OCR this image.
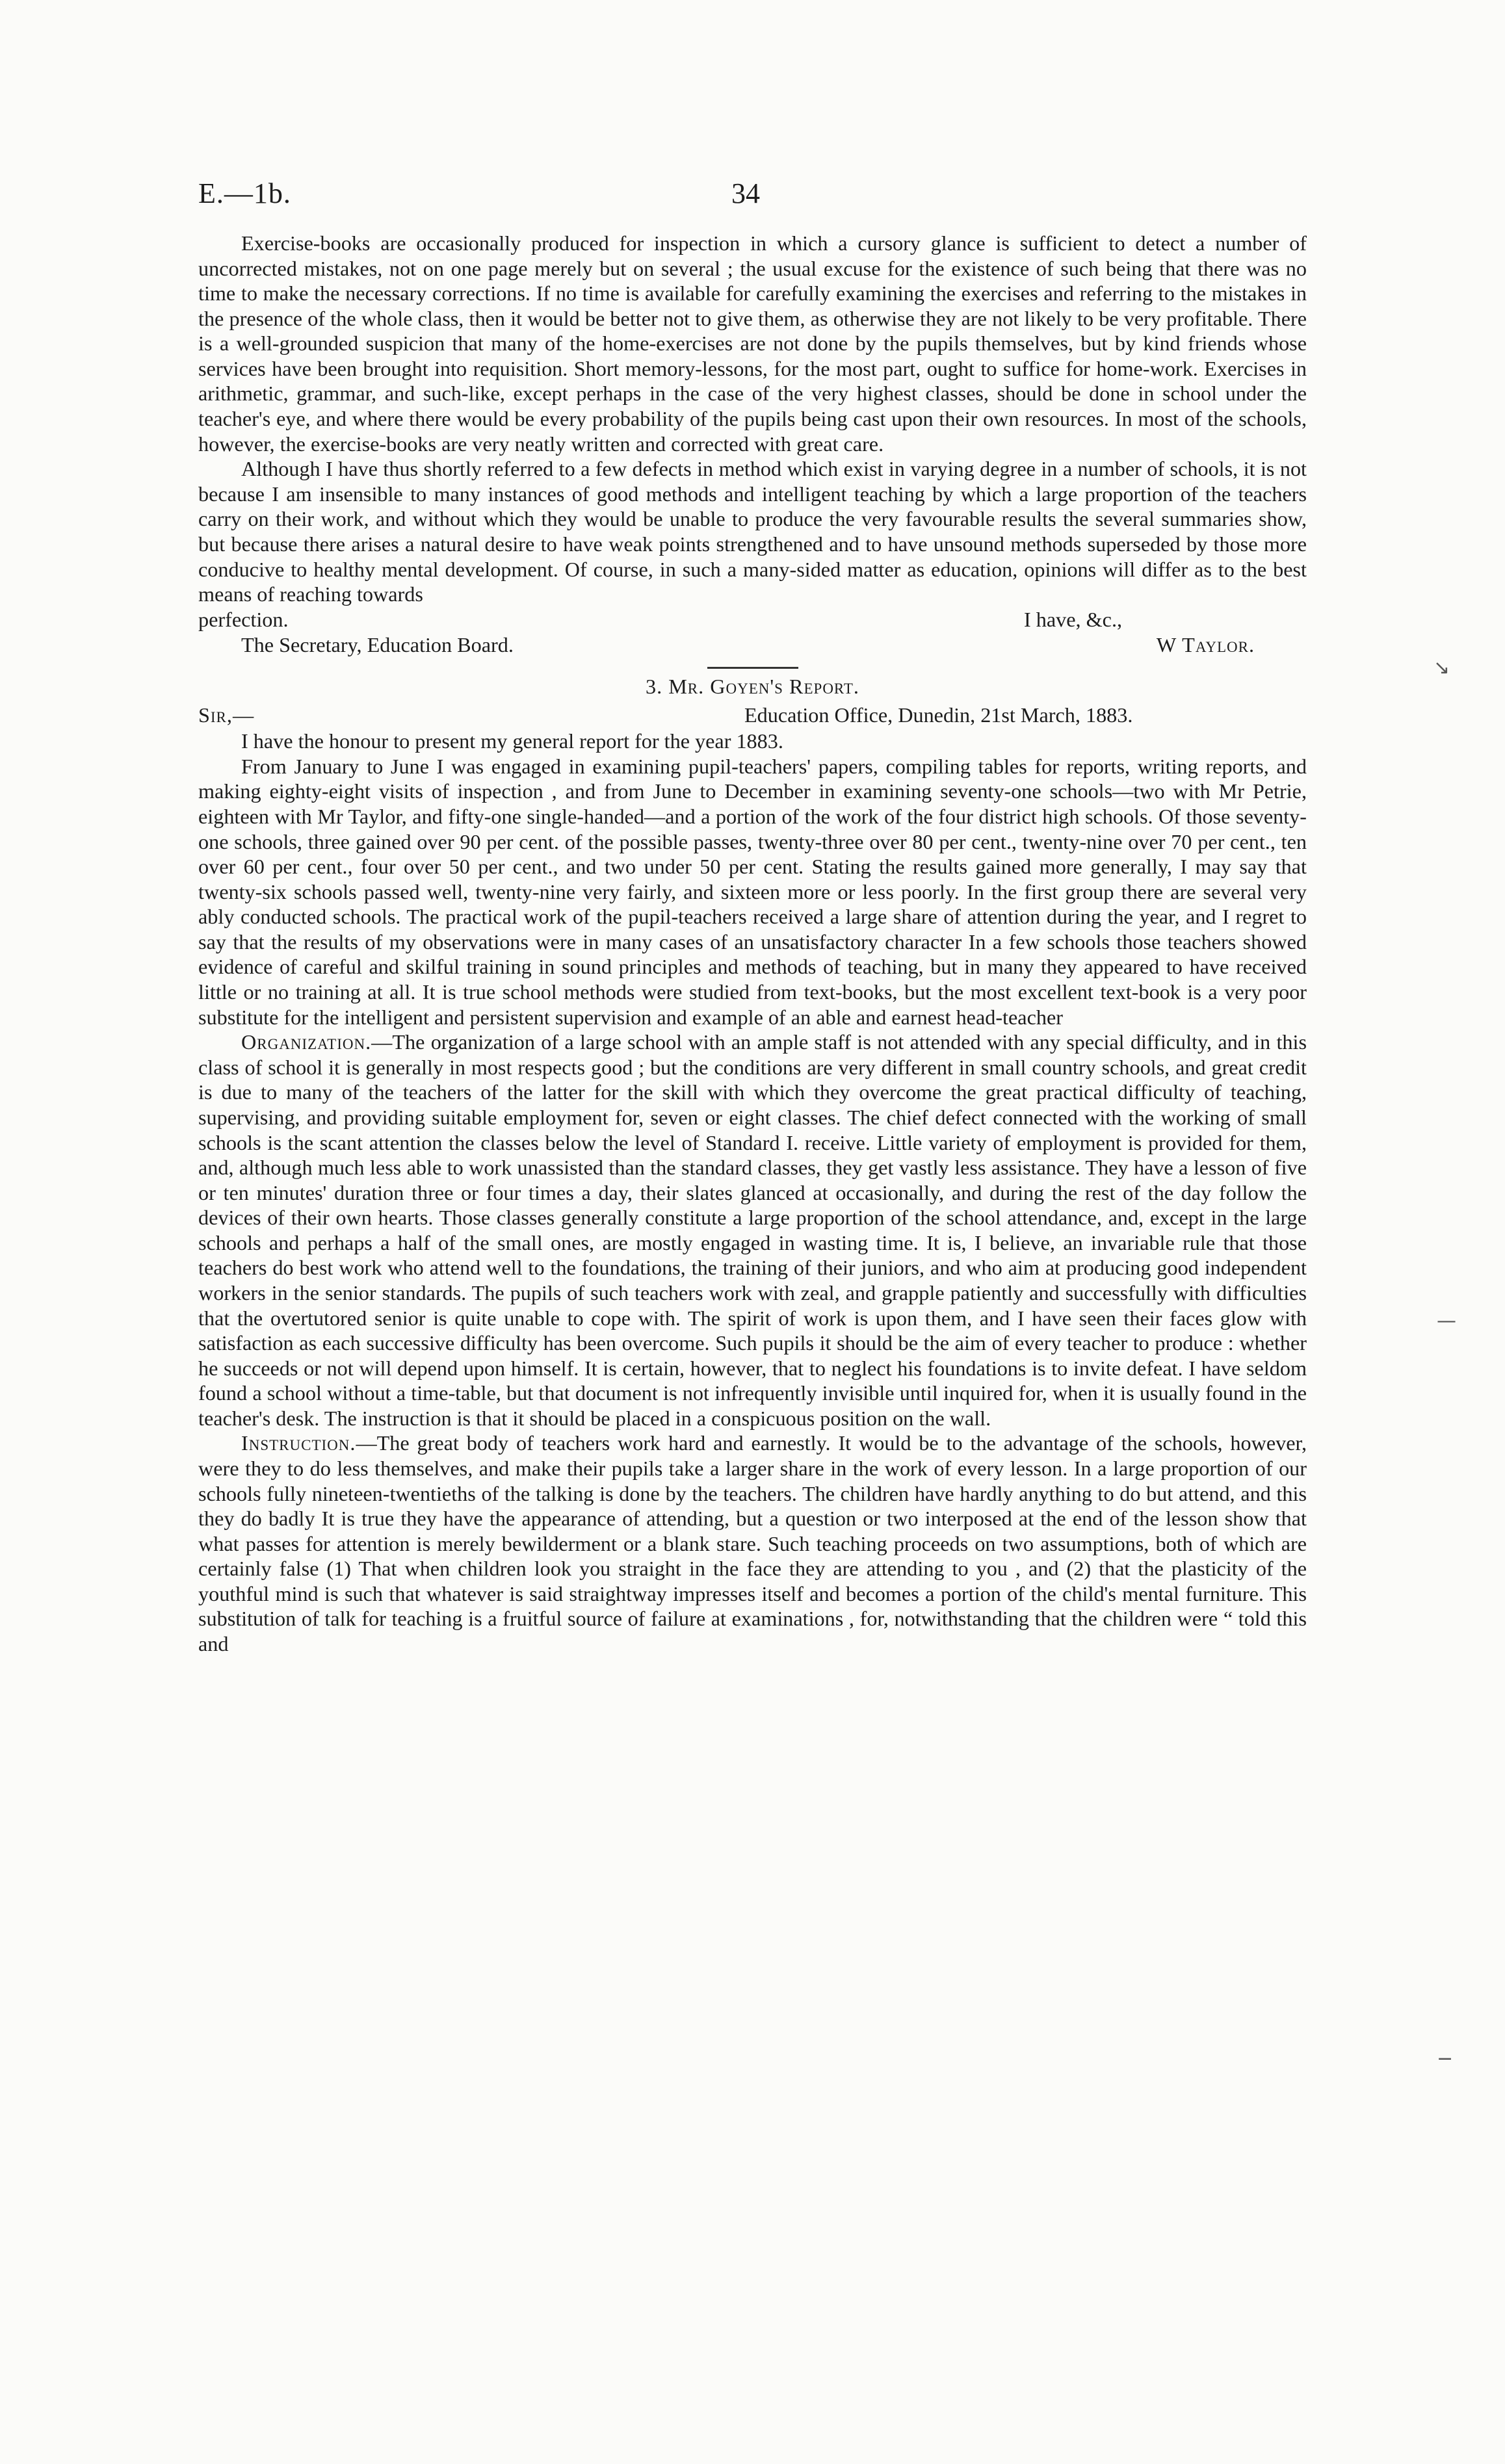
E.—1b.	34

Exercise-books are occasionally produced for inspection in which a cursory glance is sufficient to detect a number of uncorrected mistakes, not on one page merely but on several ; the usual excuse for the existence of such being that there was no time to make the necessary corrections. If no time is available for carefully examining the exercises and referring to the mistakes in the presence of the whole class, then it would be better not to give them, as otherwise they are not likely to be very profitable. There is a well-grounded suspicion that many of the home-exercises are not done by the pupils themselves, but by kind friends whose services have been brought into requisition. Short memory-lessons, for the most part, ought to suffice for home-work. Exercises in arithmetic, grammar, and such-like, except perhaps in the case of the very highest classes, should be done in school under the teacher's eye, and where there would be every probability of the pupils being cast upon their own resources. In most of the schools, however, the exercise-books are very neatly written and corrected with great care.

Although I have thus shortly referred to a few defects in method which exist in varying degree in a number of schools, it is not because I am insensible to many instances of good methods and intelligent teaching by which a large proportion of the teachers carry on their work, and without which they would be unable to produce the very favourable results the several summaries show, but because there arises a natural desire to have weak points strengthened and to have unsound methods superseded by those more conducive to healthy mental development. Of course, in such a many-sided matter as education, opinions will differ as to the best means of reaching towards

perfection.	I have, &c.,
The Secretary, Education Board.	W Taylor.

3. Mr. Goyen's Report.

Sir,—	Education Office, Dunedin, 21st March, 1883.

I have the honour to present my general report for the year 1883.

From January to June I was engaged in examining pupil-teachers' papers, compiling tables for reports, writing reports, and making eighty-eight visits of inspection , and from June to December in examining seventy-one schools—two with Mr Petrie, eighteen with Mr Taylor, and fifty-one single-handed—and a portion of the work of the four district high schools. Of those seventy-one schools, three gained over 90 per cent. of the possible passes, twenty-three over 80 per cent., twenty-nine over 70 per cent., ten over 60 per cent., four over 50 per cent., and two under 50 per cent. Stating the results gained more generally, I may say that twenty-six schools passed well, twenty-nine very fairly, and sixteen more or less poorly. In the first group there are several very ably conducted schools. The practical work of the pupil-teachers received a large share of attention during the year, and I regret to say that the results of my observations were in many cases of an unsatisfactory character In a few schools those teachers showed evidence of careful and skilful training in sound principles and methods of teaching, but in many they appeared to have received little or no training at all. It is true school methods were studied from text-books, but the most excellent text-book is a very poor substitute for the intelligent and persistent supervision and example of an able and earnest head-teacher

Organization.—The organization of a large school with an ample staff is not attended with any special difficulty, and in this class of school it is generally in most respects good ; but the conditions are very different in small country schools, and great credit is due to many of the teachers of the latter for the skill with which they overcome the great practical difficulty of teaching, supervising, and providing suitable employment for, seven or eight classes. The chief defect connected with the working of small schools is the scant attention the classes below the level of Standard I. receive. Little variety of employment is provided for them, and, although much less able to work unassisted than the standard classes, they get vastly less assistance. They have a lesson of five or ten minutes' duration three or four times a day, their slates glanced at occasionally, and during the rest of the day follow the devices of their own hearts. Those classes generally constitute a large proportion of the school attendance, and, except in the large schools and perhaps a half of the small ones, are mostly engaged in wasting time. It is, I believe, an invariable rule that those teachers do best work who attend well to the foundations, the training of their juniors, and who aim at producing good independent workers in the senior standards. The pupils of such teachers work with zeal, and grapple patiently and successfully with difficulties that the overtutored senior is quite unable to cope with. The spirit of work is upon them, and I have seen their faces glow with satisfaction as each successive difficulty has been overcome. Such pupils it should be the aim of every teacher to produce : whether he succeeds or not will depend upon himself. It is certain, however, that to neglect his foundations is to invite defeat. I have seldom found a school without a time-table, but that document is not infrequently invisible until inquired for, when it is usually found in the teacher's desk. The instruction is that it should be placed in a conspicuous position on the wall.

Instruction.—The great body of teachers work hard and earnestly. It would be to the advantage of the schools, however, were they to do less themselves, and make their pupils take a larger share in the work of every lesson. In a large proportion of our schools fully nineteen-twentieths of the talking is done by the teachers. The children have hardly anything to do but attend, and this they do badly It is true they have the appearance of attending, but a question or two interposed at the end of the lesson show that what passes for attention is merely bewilderment or a blank stare. Such teaching proceeds on two assumptions, both of which are certainly false (1) That when children look you straight in the face they are attending to you , and (2) that the plasticity of the youthful mind is such that whatever is said straightway impresses itself and becomes a portion of the child's mental furniture. This substitution of talk for teaching is a fruitful source of failure at examinations , for, notwithstanding that the children were “ told this and

↘
—
−
